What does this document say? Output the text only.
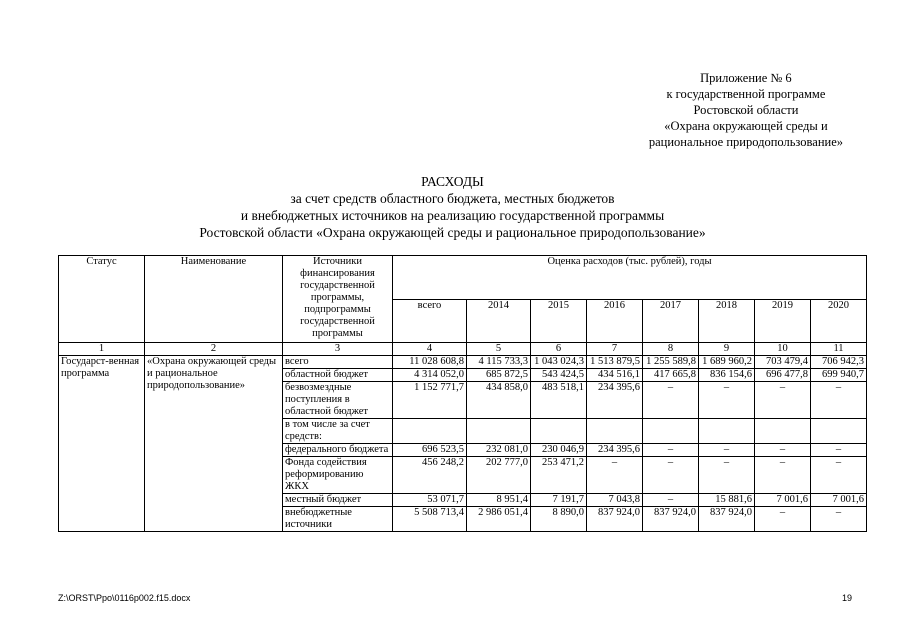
Приложение № 6
к государственной программе
Ростовской области
«Охрана окружающей среды и
рациональное природопользование»
РАСХОДЫ
за счет средств областного бюджета, местных бюджетов
и внебюджетных источников на реализацию государственной программы
Ростовской области «Охрана окружающей среды и рациональное природопользование»
Статус	Наименование	Источники финансирования государственной программы, подпрограммы государственной программы	Оценка расходов (тыс. рублей), годы							
			всего	2014	2015	2016	2017	2018	2019	2020
1	2	3	4	5	6	7	8	9	10	11
Государст-венная программа	«Охрана окружающей среды и рациональное природопользование»	всего	11 028 608,8	4 115 733,3	1 043 024,3	1 513 879,5	1 255 589,8	1 689 960,2	703 479,4	706 942,3
		областной бюджет	4 314 052,0	685 872,5	543 424,5	434 516,1	417 665,8	836 154,6	696 477,8	699 940,7
		безвозмездные поступления в областной бюджет	1 152 771,7	434 858,0	483 518,1	234 395,6	–	–	–	–
		в том числе за счет средств:								
		федерального бюджета	696 523,5	232 081,0	230 046,9	234 395,6	–	–	–	–
		Фонда содействия реформированию ЖКХ	456 248,2	202 777,0	253 471,2	–	–	–	–	–
		местный бюджет	53 071,7	8 951,4	7 191,7	7 043,8	–	15 881,6	7 001,6	7 001,6
		внебюджетные источники	5 508 713,4	2 986 051,4	8 890,0	837 924,0	837 924,0	837 924,0	–	–
Z:\ORST\Ppo\0116p002.f15.docx	19
